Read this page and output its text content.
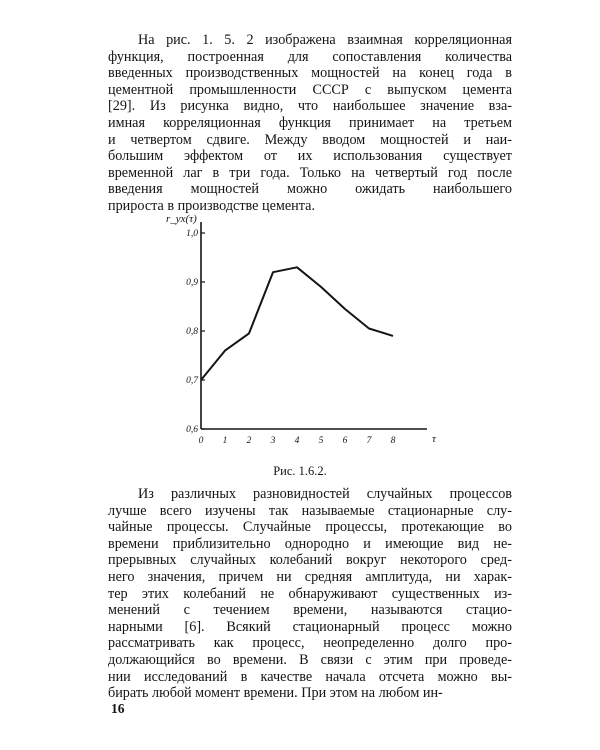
На рис. 1. 5. 2 изображена взаимная корреляционная
функция, построенная для сопоставления количества
введенных производственных мощностей на конец года в
цементной промышленности СССР с выпуском цемента
[29]. Из рисунка видно, что наибольшее значение вза-
имная корреляционная функция принимает на третьем
и четвертом сдвиге. Между вводом мощностей и наи-
большим эффектом от их использования существует
временной лаг в три года. Только на четвертый год после
введения мощностей можно ожидать наибольшего
прироста в производстве цемента.
0,6
0,7
0,8
0,9
1,0
0 1 2 3 4 5 6 7 8
r_yx(τ)
τ

Рис. 1.6.2.

Из различных разновидностей случайных процессов
лучше всего изучены так называемые стационарные слу-
чайные процессы. Случайные процессы, протекающие во
времени приблизительно однородно и имеющие вид не-
прерывных случайных колебаний вокруг некоторого сред-
него значения, причем ни средняя амплитуда, ни харак-
тер этих колебаний не обнаруживают существенных из-
менений с течением времени, называются стацио-
нарными [6]. Всякий стационарный процесс можно
рассматривать как процесс, неопределенно долго про-
должающийся во времени. В связи с этим при проведе-
нии исследований в качестве начала отсчета можно вы-
бирать любой момент времени. При этом на любом ин-

16
